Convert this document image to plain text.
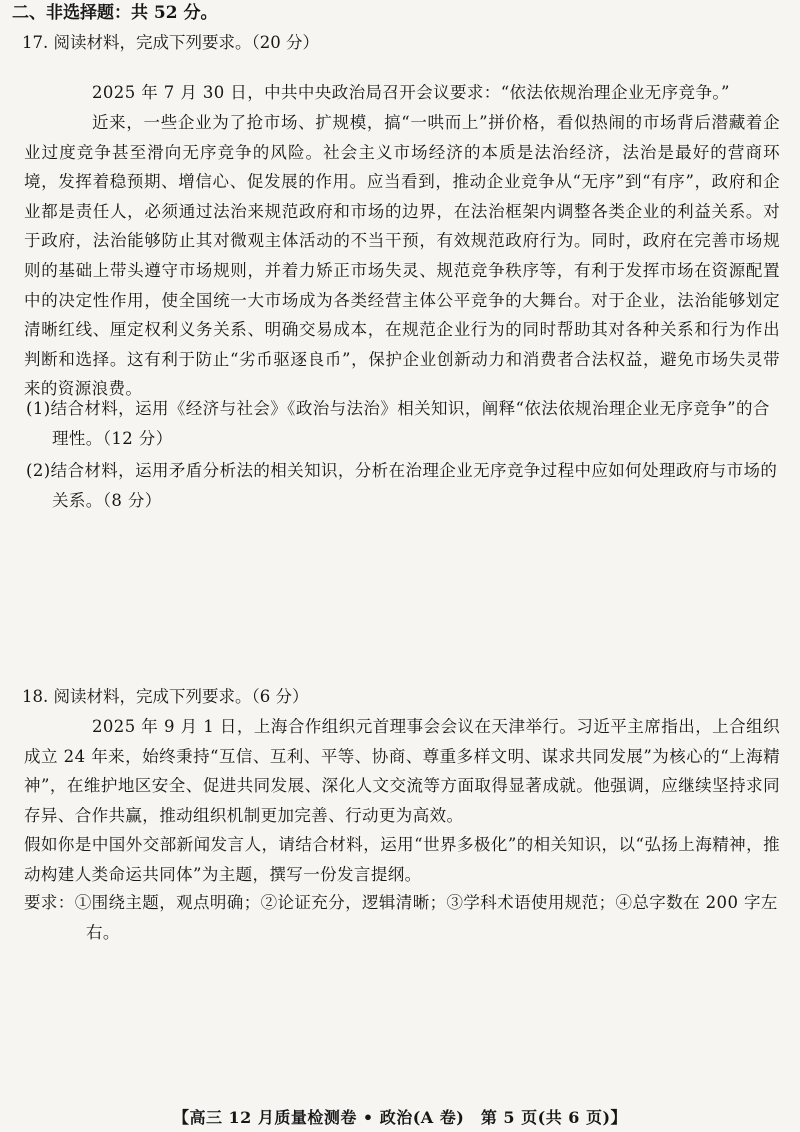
二、非选择题：共 52 分。
17. 阅读材料，完成下列要求。（20 分）
2025 年 7 月 30 日，中共中央政治局召开会议要求：“依法依规治理企业无序竞争。”
近来，一些企业为了抢市场、扩规模，搞“一哄而上”拼价格，看似热闹的市场背后潜藏着企业过度竞争甚至滑向无序竞争的风险。社会主义市场经济的本质是法治经济，法治是最好的营商环境，发挥着稳预期、增信心、促发展的作用。应当看到，推动企业竞争从“无序”到“有序”，政府和企业都是责任人，必须通过法治来规范政府和市场的边界，在法治框架内调整各类企业的利益关系。对于政府，法治能够防止其对微观主体活动的不当干预，有效规范政府行为。同时，政府在完善市场规则的基础上带头遵守市场规则，并着力矫正市场失灵、规范竞争秩序等，有利于发挥市场在资源配置中的决定性作用，使全国统一大市场成为各类经营主体公平竞争的大舞台。对于企业，法治能够划定清晰红线、厘定权利义务关系、明确交易成本，在规范企业行为的同时帮助其对各种关系和行为作出判断和选择。这有利于防止“劣币驱逐良币”，保护企业创新动力和消费者合法权益，避免市场失灵带来的资源浪费。
(1)结合材料，运用《经济与社会》《政治与法治》相关知识，阐释“依法依规治理企业无序竞争”的合理性。（12 分）
(2)结合材料，运用矛盾分析法的相关知识，分析在治理企业无序竞争过程中应如何处理政府与市场的关系。（8 分）
18. 阅读材料，完成下列要求。（6 分）
2025 年 9 月 1 日，上海合作组织元首理事会会议在天津举行。习近平主席指出，上合组织成立 24 年来，始终秉持“互信、互利、平等、协商、尊重多样文明、谋求共同发展”为核心的“上海精神”，在维护地区安全、促进共同发展、深化人文交流等方面取得显著成就。他强调，应继续坚持求同存异、合作共赢，推动组织机制更加完善、行动更为高效。
假如你是中国外交部新闻发言人，请结合材料，运用“世界多极化”的相关知识，以“弘扬上海精神，推动构建人类命运共同体”为主题，撰写一份发言提纲。
要求：①围绕主题，观点明确；②论证充分，逻辑清晰；③学科术语使用规范；④总字数在 200 字左右。
【高三 12 月质量检测卷 • 政治(A 卷)　第 5 页(共 6 页)】
